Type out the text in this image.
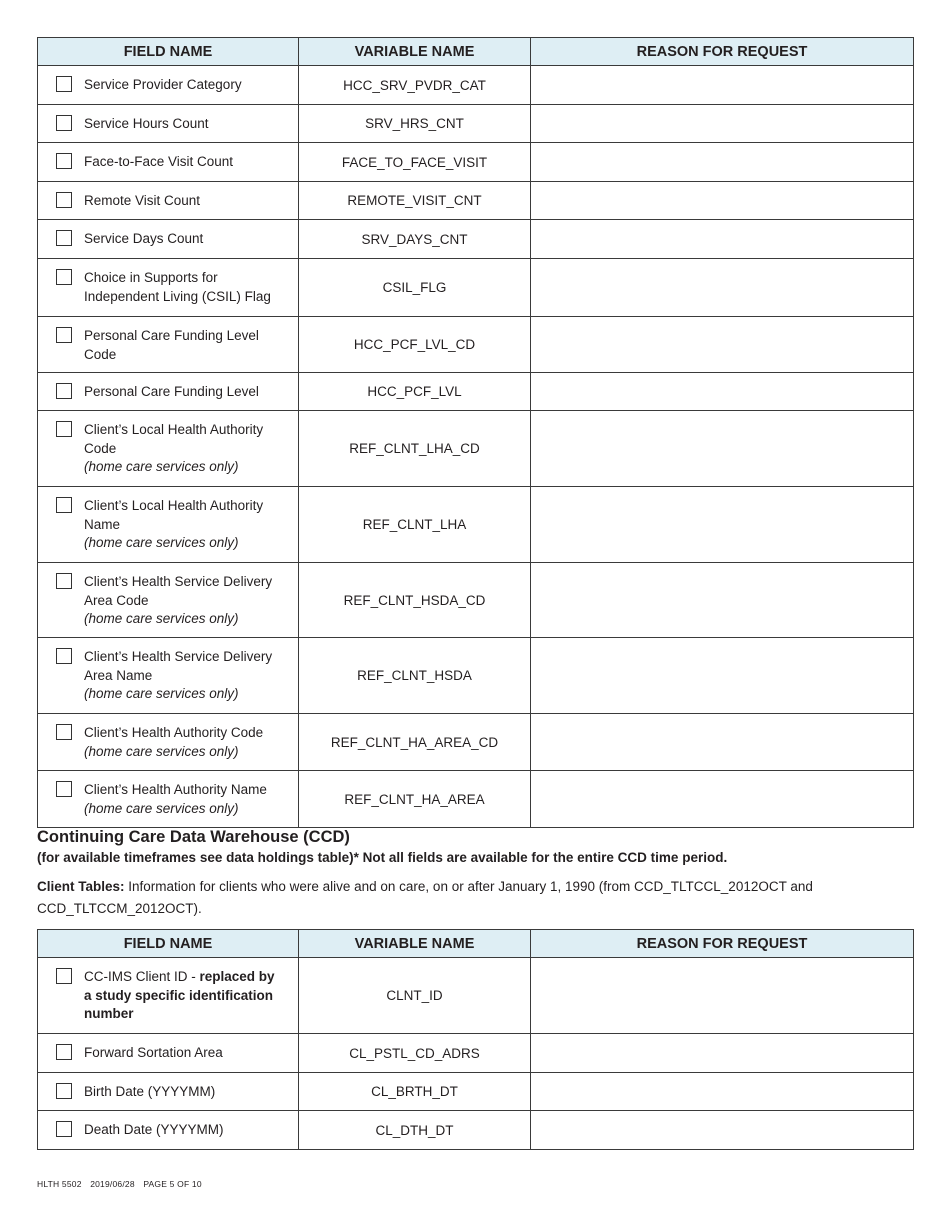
FIELD NAME	VARIABLE NAME	REASON FOR REQUEST

Service Provider Category	HCC_SRV_PVDR_CAT	

Service Hours Count	SRV_HRS_CNT	

Face-to-Face Visit Count	FACE_TO_FACE_VISIT	

Remote Visit Count	REMOTE_VISIT_CNT	

Service Days Count	SRV_DAYS_CNT	

Choice in Supports for
Independent Living (CSIL) Flag	CSIL_FLG	

Personal Care Funding Level Code	HCC_PCF_LVL_CD	

Personal Care Funding Level	HCC_PCF_LVL	

Client’s Local Health Authority
Code
(home care services only)	REF_CLNT_LHA_CD	

Client’s Local Health Authority
Name
(home care services only)	REF_CLNT_LHA	

Client’s Health Service Delivery
Area Code
(home care services only)	REF_CLNT_HSDA_CD	

Client’s Health Service Delivery
Area Name
(home care services only)	REF_CLNT_HSDA	

Client’s Health Authority Code
(home care services only)	REF_CLNT_HA_AREA_CD	

Client’s Health Authority Name
(home care services only)	REF_CLNT_HA_AREA	
Continuing Care Data Warehouse (CCD)
(for available timeframes see data holdings table)* Not all fields are available for the entire CCD time period.
Client Tables: Information for clients who were alive and on care, on or after January 1, 1990 (from CCD_TLTCCL_2012OCT and CCD_TLTCCM_2012OCT).
FIELD NAME	VARIABLE NAME	REASON FOR REQUEST

CC-IMS Client ID - replaced by
a study specific identification
number	CLNT_ID	

Forward Sortation Area	CL_PSTL_CD_ADRS	

Birth Date (YYYYMM)	CL_BRTH_DT	

Death Date (YYYYMM)	CL_DTH_DT	
HLTH 5502 2019/06/28 PAGE 5 OF 10
